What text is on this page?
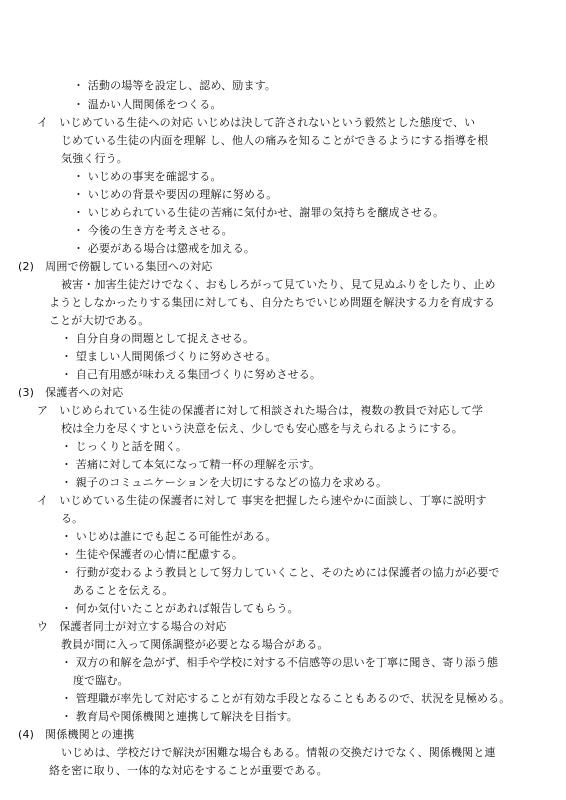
・ 活動の場等を設定し、認め、励ます。
・ 温かい人間関係をつくる。
イ　いじめている生徒への対応 いじめは決して許されないという毅然とした態度で、い
じめている生徒の内面を理解 し、他人の痛みを知ることができるようにする指導を根
気強く行う。
・ いじめの事実を確認する。
・ いじめの背景や要因の理解に努める。
・ いじめられている生徒の苦痛に気付かせ、謝罪の気持ちを醸成させる。
・ 今後の生き方を考えさせる。
・ 必要がある場合は懲戒を加える。
(2)　周囲で傍観している集団への対応
被害・加害生徒だけでなく、おもしろがって見ていたり、見て見ぬふりをしたり、止め
ようとしなかったりする集団に対しても、自分たちでいじめ問題を解決する力を育成する
ことが大切である。
・ 自分自身の問題として捉えさせる。
・ 望ましい人間関係づくりに努めさせる。
・ 自己有用感が味わえる集団づくりに努めさせる。
(3)　保護者への対応
ア　いじめられている生徒の保護者に対して相談された場合は，複数の教員で対応して学
校は全力を尽くすという決意を伝え、少しでも安心感を与えられるようにする。
・ じっくりと話を聞く。
・ 苦痛に対して本気になって精一杯の理解を示す。
・ 親子のコミュニケーションを大切にするなどの協力を求める。
イ　いじめている生徒の保護者に対して 事実を把握したら速やかに面談し、丁寧に説明す
る。
・ いじめは誰にでも起こる可能性がある。
・ 生徒や保護者の心情に配慮する。
・ 行動が変わるよう教員として努力していくこと、そのためには保護者の協力が必要で
あることを伝える。
・ 何か気付いたことがあれば報告してもらう。
ウ　保護者同士が対立する場合の対応
教員が間に入って関係調整が必要となる場合がある。
・ 双方の和解を急がず、相手や学校に対する不信感等の思いを丁寧に聞き、寄り添う態
度で臨む。
・ 管理職が率先して対応することが有効な手段となることもあるので、状況を見極める。
・ 教育局や関係機関と連携して解決を目指す。
(4)　関係機関との連携
いじめは、学校だけで解決が困難な場合もある。情報の交換だけでなく、関係機関と連
絡を密に取り、一体的な対応をすることが重要である。
